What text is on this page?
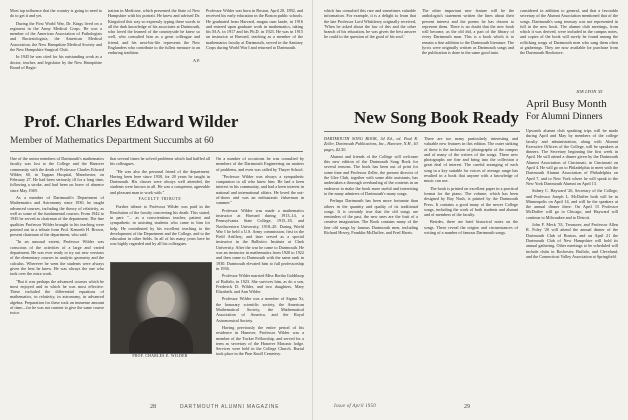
Most top influence that the country is going to need to do to get it and yet.

During the First World War, Dr. Kings lived on a regiment in the Army Medical Corps. He was a member of the American Association of Pathologists and Bacteriologists, the American Medical Association, the New Hampshire Medical Society and the New Hampshire Surgical Club.

In 1945 he was cited for his outstanding work as a doctor, teacher, and legislator by the New Hampshire Board of Regis-

tration in Medicine, which presented the State of New Hampshire with his portrait. He knew and advised Dr. Kingsford this way so expressly typing these words to all the dark knowledge of his associates at Dartmouth, who loved the learned of the countryside he knew so well, who consulted him as a great colleague and friend, and his next-his-life represents the New Englanders who contribute to the fullest measure to an enduring tradition.

A.P.

Professor Wilder was born in Boston, April 20, 1892, and received his early education in the Boston public schools. He graduated from Harvard, magna cum laude, in 1916 and entered upon graduate work in mathematics, taking his M.A. in 1917 and his Ph.D. in 1923. He was in 1915 an instructor at Harvard, teaching as a member of the mathematics faculty at Dartmouth, served in the Sanitary Corps during World War I and returned to Dartmouth.

Prof. Charles Edward Wilder
Member of Mathematics Department Succumbs at 60

One of the senior members of Dartmouth's mathematics faculty was lost to the College and the Hanover community with the death of Professor Charles Edward Wilder, 60, in Tappan Hospital, Manchester, on February 27. He had been seriously ill for a long time, following a stroke, and had been on leave of absence since May 1949.

As a member of Dartmouth's Department of Mathematics and Astronomy since 1930, he taught advanced courses, including the theory of relativity, as well as some of the fundamental courses. From 1942 to 1945 he served as chairman of the department. The fine qualities Professor Wilder brought to his teaching were pointed out in a tribute from Prof. Kenneth H. Brown, present chairman of the department, who said:

"In an unusual extent, Professor Wilder was conscious of the activities of a large and varied department. He was ever ready to try out new versions of the elementary courses in analytic geometry and the calculus. Wherever he went the students were always given the best he knew. He was always the one who took over the extra work.

"But it was perhaps the advanced courses which he most enjoyed and in which he was most effective. These included the differential equations of mathematics, in relativity, in astronomy, in advanced algebra. Preparation for these took an immense amount of time—for he was not content to give the same course twice.

that several times he solved problems which had baffled all his colleagues.

"He was also the personal friend of the department. Having been here since 1930, for 20 years he taught in Dartmouth. His classes were always well attended, the students were known to all. He was a competent, agreeable and pleasant man to work with."

FACULTY TRIBUTE

Further tribute to Professor Wilder was paid in the Resolution of the faculty concerning his death. This stated, in part: "... as a conscientious teacher, patient and sympathetic in assisting students who came to him for help. He contributed by his excellent teaching to the development of the Department and the College, and to the education in other fields. In all of his many years here he was highly regarded and by all his colleagues.

PROF. CHARLES E. WILDER

On a number of occasions he was consulted by members of the Dartmouth Engineering on matters of problems, and even was called by Thayer School.

"Professor Wilder was always a sympathetic companion to all who knew him. He had a keen interest in his community, and had a keen interest in national and international affairs. He loved the out-of-doors and was an enthusiastic fisherman in summer."

Professor Wilder was made a mathematics instructor at Harvard during 1913–14, a Pennsylvania State College, 1915–18, and Northwestern University, 1918–20. During World War I he held a U.S. Army commission, first in the Field Artillery, and later served as a special instructor in the Ballistics Institute at Clark University. After the war he came to Dartmouth. He was an instructor in mathematics from 1920 to 1922 and then came to Dartmouth with the same rank in 1930. Dartmouth elevated him to full professorship in 1936.

Professor Wilder married Miss Bertha Goldthorp of Buffalo, in 1923. She survives him, as do a son, Frederick D. Wilder, and two daughters, Mary Elizabeth, and Ann Wilder.

Professor Wilder was a member of Sigma Xi, the honorary scientific society, the American Mathematical Society, the Mathematical Association of America, and the Royal Astronomical Society.

Having previously the entire period of his residence in Hanover, Professor Wilder was a member of the Tucker Fellowship, and served for a term as secretary of the Hanover Masonic lodge. Services were held in the College Church. Burial took place in the Pine Knoll Cemetery.

28	DARTMOUTH ALUMNI MAGAZINE

which has consulted this rare and sometimes valuable information. For example, it is a delight to learn that the late Professor Lord Whittlesey originally received, 'When he asked about the law of this and the other branch of his education, he was given the best answer he could to the question of the good of his soul.'

The other important new feature will be the anthologist's statement written the lines about their present interest and the poems he has chosen to represent them. There is no doubt that the new book will become, as the old did, a part of the library of every Dartmouth man. This is a book which is to remain a fine addition to the Dartmouth literature. The lyrics were originally written as Dartmouth songs and the publication is done in the same good taste.

considered in addition to general, and that a favorable secretary of the Alumni Association mentioned that of the songs. Dartmouth's song treasury was not represented in full in the new book. The alumni club meetings, from which it was derived, were included in the campus notes, and copies of the book will surely be found among the rollicking songs of Dartmouth men who sang them often at gatherings. They are now available for purchase from the Dartmouth Bookstore.

JOE LYON '41
New Song Book Ready

DARTMOUTH SONG BOOK, 3d Ed., ed. Paul R. Zeller, Dartmouth Publications, Inc., Hanover, N.H., 63 pages, $2.50.

Alumni and friends of the College will welcome this new edition of the Dartmouth Song Book for several reasons. The book has been out of print for some time and Professor Zeller, the present director of the Glee Club, together with some able assistants, has undertaken a thorough overhauling of the contents in an endeavor to make the book more useful and interesting to the many admirers of Dartmouth's many songs.

Perhaps Dartmouth has been more fortunate than others in the quantity and quality of its traditional songs. It is certainly true that the old songs are reminders of the past, the new ones are the fruit of a creative imagination. The Book contains many of the fine old songs by famous Dartmouth men, including Richard Hovey, Franklin McDuffee, and Fred Harris.

There are too many particularly interesting and valuable new features in this edition. The outer striking of these is the inclusion of photographs of the campus and of many of the writers of the songs. These new photographs are fine and bring into the collection a great deal of interest. The careful arranging of each song in a key suitable for voices of average range has resulted in a book that anyone with a knowledge of music can use.

The book is printed on excellent paper in a practical format for the piano. The volume, which has been designed by Ray Nash, is printed by the Dartmouth Press. It contains a good many of the newer College songs, including the work of both students and alumni and of members of the faculty.

Besides, there are brief historical notes on the songs. These reveal the origins and circumstances of writing of a number of famous Dartmouth songs.

April Busy Month
For Alumni Dinners

Upwards alumni club speaking trips will be made during April and May by members of the college faculty and administration, along with Alumni Executive Officers of the College, will be speakers at dinners. The Secretary beginning the first week in April. He will attend a dinner given by the Dartmouth Alumni Association of Cincinnati, in Cincinnati on April 4. He will go on to Philadelphia to meet with the Dartmouth Alumni Association of Philadelphia on April 7, and to New York where he will speak to the New York Dartmouth Alumni on April 13.

Sidney C. Hayward '26, Secretary of the College, and Professor Joseph L. McDuffee both will be in Minneapolis on April 14, and will be the speakers at the annual dinner there. On April 15 Professor McDuffee will go to Chicago, and Hayward will continue to Milwaukee and to Detroit.

John F. Meck '33, Treasurer, and Professor Allen R. Foley '20 will attend the annual dinner of the Dartmouth Club of Boston, and on April 21 the Dartmouth Club of New Hampshire will hold its annual gathering. Other meetings to be scheduled will include clubs in Rochester, Buffalo, and Cleveland, and the Connecticut Valley Association at Springfield.

Issue of April 1950	29
